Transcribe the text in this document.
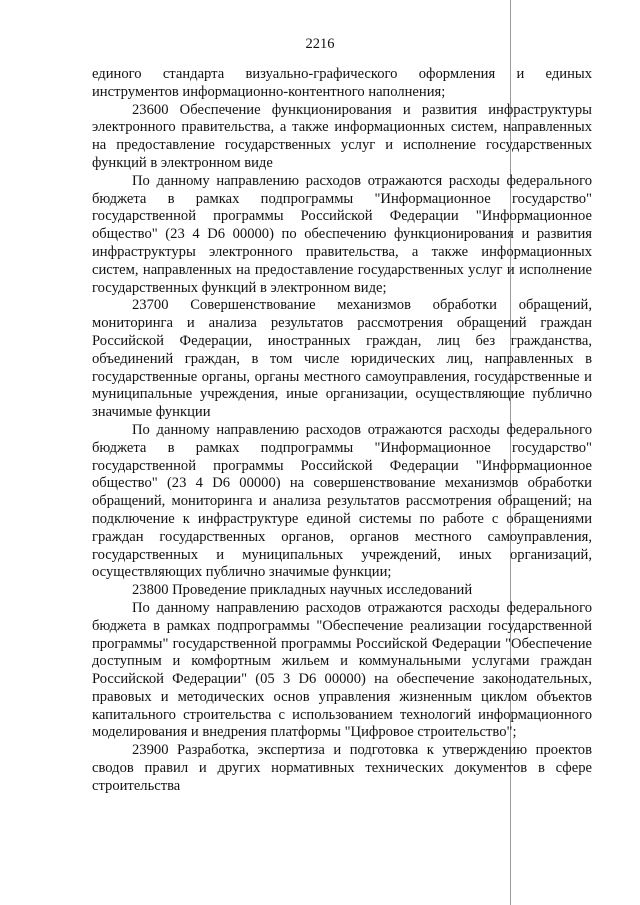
2216

единого стандарта визуально-графического оформления и единых инструментов информационно-контентного наполнения;

23600 Обеспечение функционирования и развития инфраструктуры электронного правительства, а также информационных систем, направленных на предоставление государственных услуг и исполнение государственных функций в электронном виде

По данному направлению расходов отражаются расходы федерального бюджета в рамках подпрограммы "Информационное государство" государственной программы Российской Федерации "Информационное общество" (23 4 D6 00000) по обеспечению функционирования и развития инфраструктуры электронного правительства, а также информационных систем, направленных на предоставление государственных услуг и исполнение государственных функций в электронном виде;

23700 Совершенствование механизмов обработки обращений, мониторинга и анализа результатов рассмотрения обращений граждан Российской Федерации, иностранных граждан, лиц без гражданства, объединений граждан, в том числе юридических лиц, направленных в государственные органы, органы местного самоуправления, государственные и муниципальные учреждения, иные организации, осуществляющие публично значимые функции

По данному направлению расходов отражаются расходы федерального бюджета в рамках подпрограммы "Информационное государство" государственной программы Российской Федерации "Информационное общество" (23 4 D6 00000) на совершенствование механизмов обработки обращений, мониторинга и анализа результатов рассмотрения обращений; на подключение к инфраструктуре единой системы по работе с обращениями граждан государственных органов, органов местного самоуправления, государственных и муниципальных учреждений, иных организаций, осуществляющих публично значимые функции;

23800 Проведение прикладных научных исследований

По данному направлению расходов отражаются расходы федерального бюджета в рамках подпрограммы "Обеспечение реализации государственной программы" государственной программы Российской Федерации "Обеспечение доступным и комфортным жильем и коммунальными услугами граждан Российской Федерации" (05 3 D6 00000) на обеспечение законодательных, правовых и методических основ управления жизненным циклом объектов капитального строительства с использованием технологий информационного моделирования и внедрения платформы "Цифровое строительство";

23900 Разработка, экспертиза и подготовка к утверждению проектов сводов правил и других нормативных технических документов в сфере строительства
